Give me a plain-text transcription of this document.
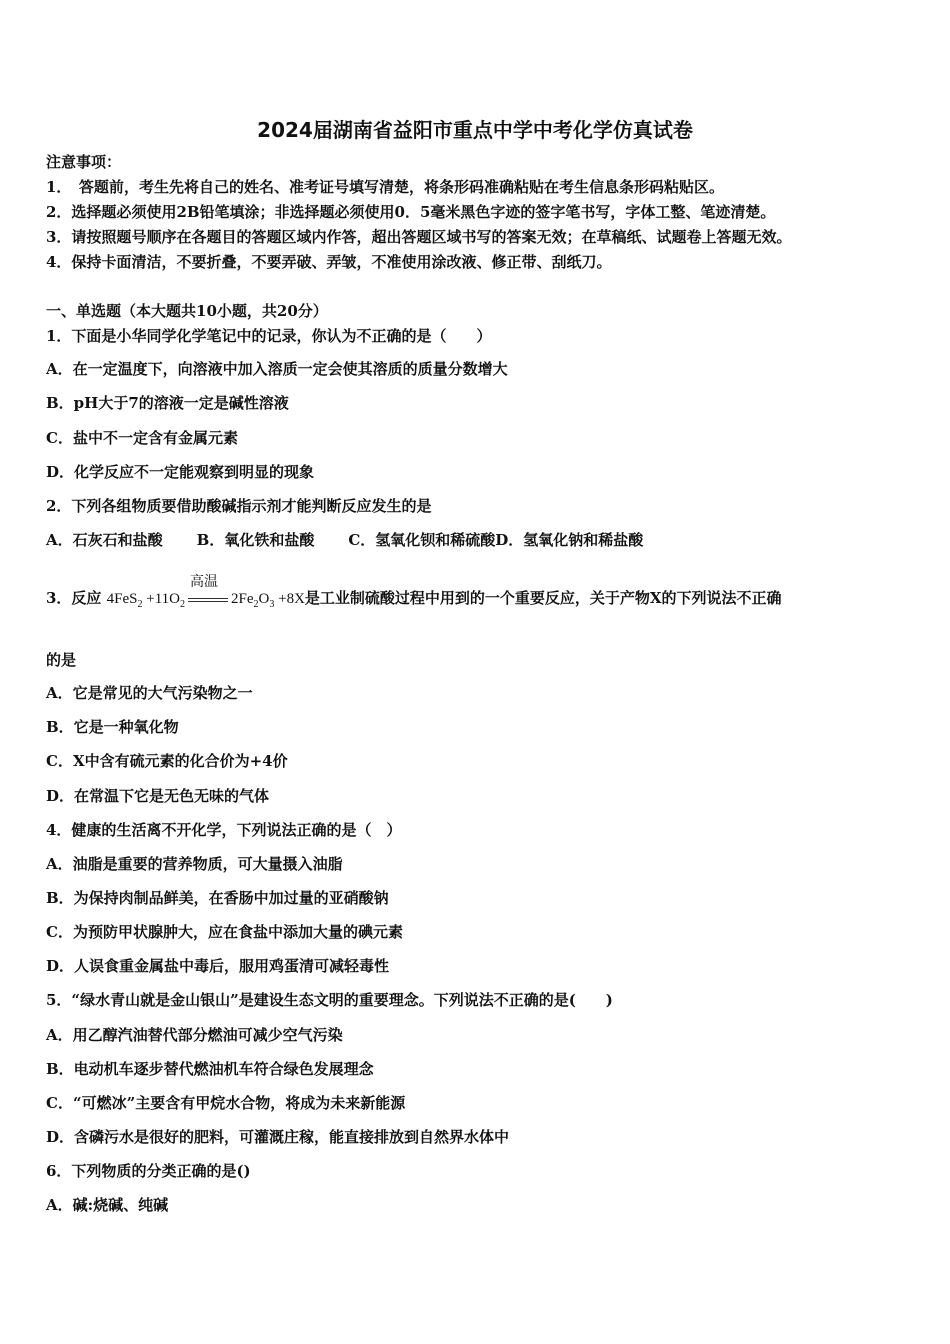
2024届湖南省益阳市重点中学中考化学仿真试卷
注意事项：
1．　答题前，考生先将自己的姓名、准考证号填写清楚，将条形码准确粘贴在考生信息条形码粘贴区。
2．选择题必须使用2B铅笔填涂；非选择题必须使用0．5毫米黑色字迹的签字笔书写，字体工整、笔迹清楚。
3．请按照题号顺序在各题目的答题区域内作答，超出答题区域书写的答案无效；在草稿纸、试题卷上答题无效。
4．保持卡面清洁，不要折叠，不要弄破、弄皱，不准使用涂改液、修正带、刮纸刀。
一、单选题（本大题共10小题，共20分）
1．下面是小华同学化学笔记中的记录，你认为不正确的是（　　）
A．在一定温度下，向溶液中加入溶质一定会使其溶质的质量分数增大
B．pH大于7的溶液一定是碱性溶液
C．盐中不一定含有金属元素
D．化学反应不一定能观察到明显的现象
2．下列各组物质要借助酸碱指示剂才能判断反应发生的是
A．石灰石和盐酸 B．氧化铁和盐酸 C．氢氧化钡和稀硫酸D．氢氧化钠和稀盐酸
3．反应 $4FeS_2 +11O_2$
高温
$2Fe_2O_3 +8X$是工业制硫酸过程中用到的一个重要反应，关于产物X的下列说法不正确
的是
A．它是常见的大气污染物之一
B．它是一种氧化物
C．X中含有硫元素的化合价为+4价
D．在常温下它是无色无味的气体
4．健康的生活离不开化学，下列说法正确的是（　）
A．油脂是重要的营养物质，可大量摄入油脂
B．为保持肉制品鲜美，在香肠中加过量的亚硝酸钠
C．为预防甲状腺肿大，应在食盐中添加大量的碘元素
D．人误食重金属盐中毒后，服用鸡蛋清可减轻毒性
5．“绿水青山就是金山银山”是建设生态文明的重要理念。下列说法不正确的是(　　)
A．用乙醇汽油替代部分燃油可减少空气污染
B．电动机车逐步替代燃油机车符合绿色发展理念
C．“可燃冰”主要含有甲烷水合物，将成为未来新能源
D．含磷污水是很好的肥料，可灌溉庄稼，能直接排放到自然界水体中
6．下列物质的分类正确的是()
A．碱:烧碱、纯碱
